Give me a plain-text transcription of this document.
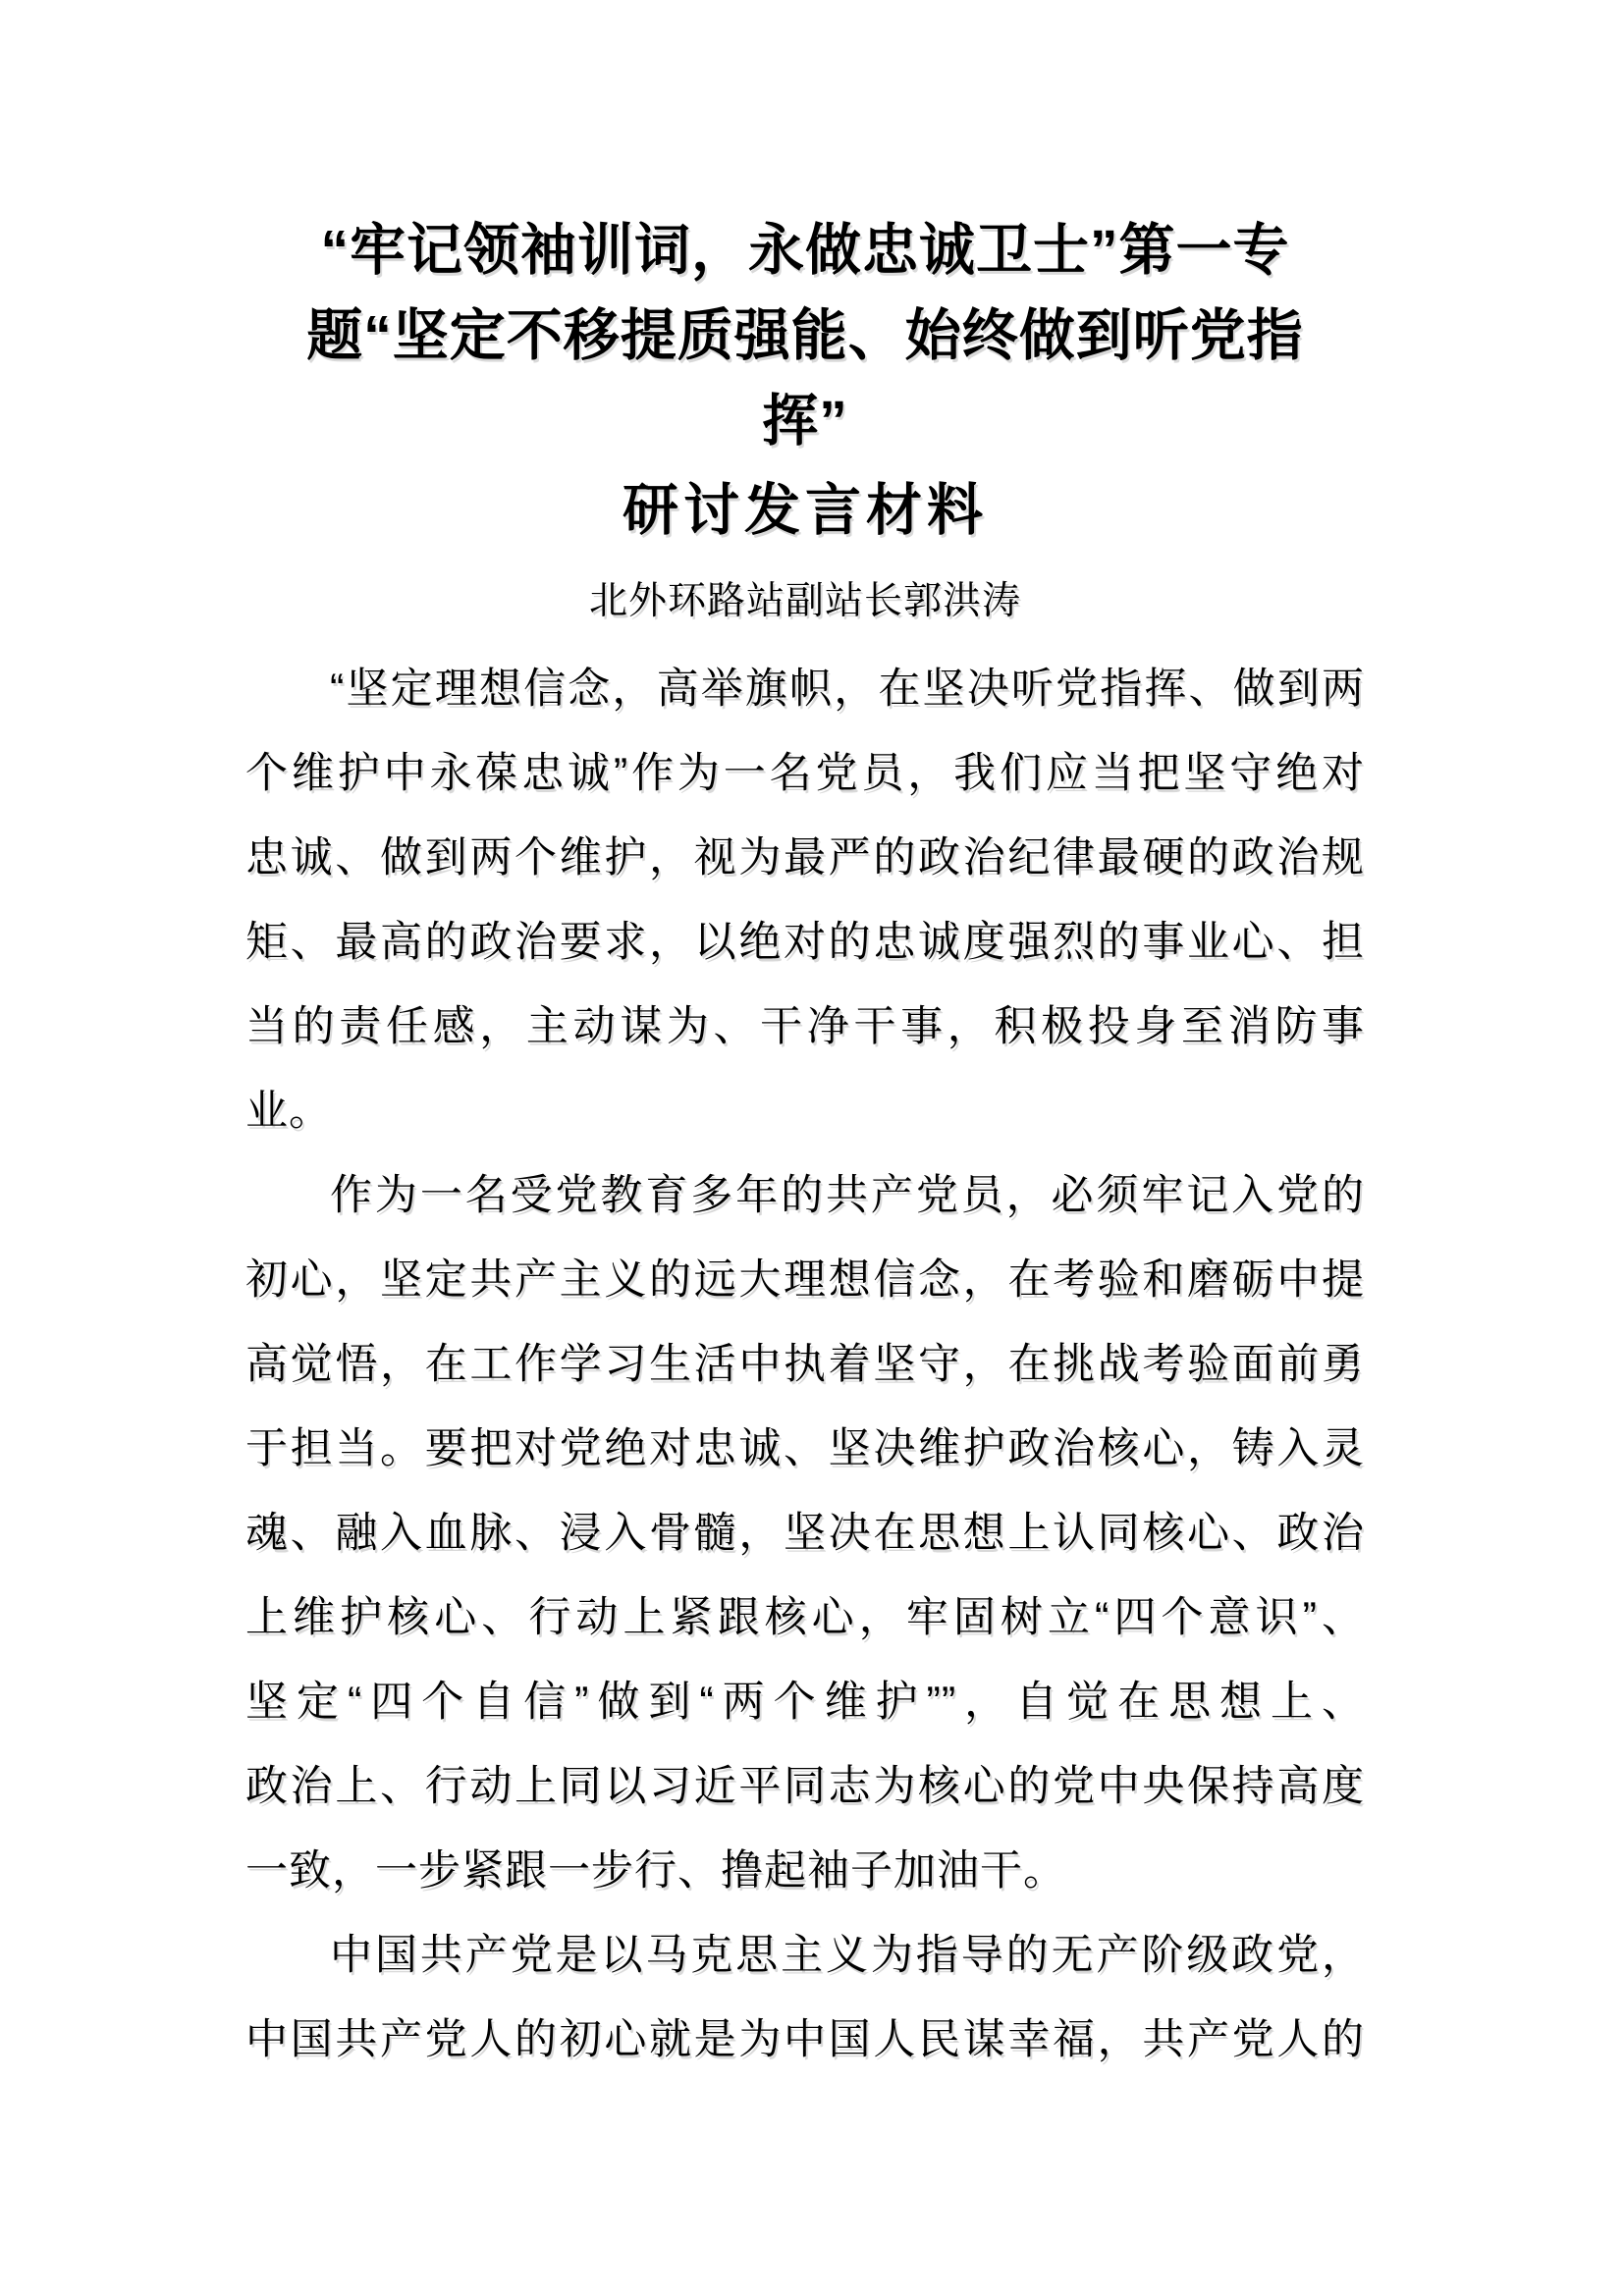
“牢记领袖训词，永做忠诚卫士”第一专
题“坚定不移提质强能、始终做到听党指
挥”
研讨发言材料
北外环路站副站长郭洪涛
“坚定理想信念，高举旗帜，在坚决听党指挥、做到两
个维护中永葆忠诚”作为一名党员，我们应当把坚守绝对
忠诚、做到两个维护，视为最严的政治纪律最硬的政治规
矩、最高的政治要求，以绝对的忠诚度强烈的事业心、担
当的责任感，主动谋为、干净干事，积极投身至消防事
业。
作为一名受党教育多年的共产党员，必须牢记入党的
初心，坚定共产主义的远大理想信念，在考验和磨砺中提
高觉悟，在工作学习生活中执着坚守，在挑战考验面前勇
于担当。要把对党绝对忠诚、坚决维护政治核心，铸入灵
魂、融入血脉、浸入骨髓，坚决在思想上认同核心、政治
上维护核心、行动上紧跟核心，牢固树立“四个意识”、
坚定“四个自信”做到“两个维护””，自觉在思想上、
政治上、行动上同以习近平同志为核心的党中央保持高度
一致，一步紧跟一步行、撸起袖子加油干。
中国共产党是以马克思主义为指导的无产阶级政党，
中国共产党人的初心就是为中国人民谋幸福，共产党人的
